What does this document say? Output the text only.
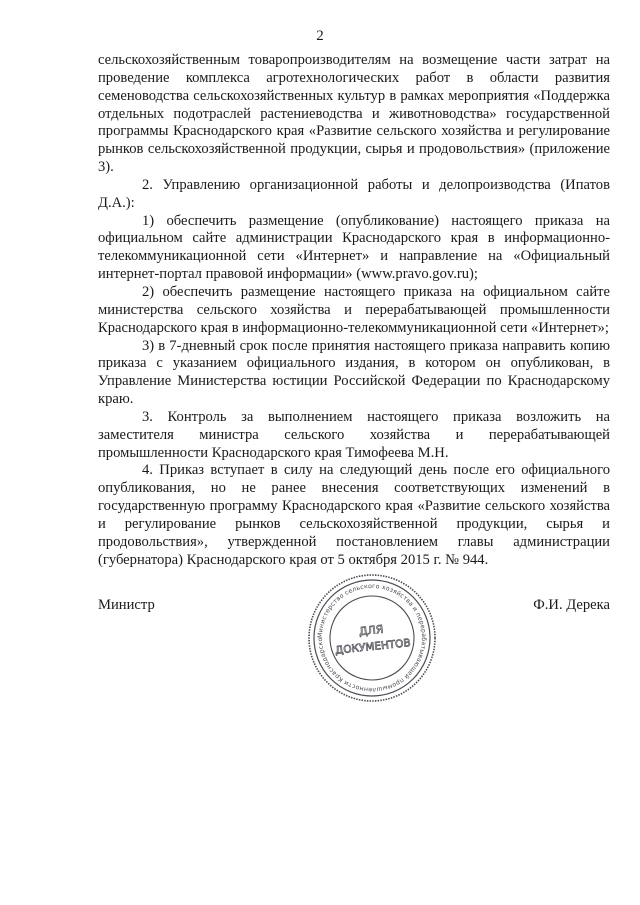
2

сельскохозяйственным товаропроизводителям на возмещение части затрат на проведение комплекса агротехнологических работ в области развития семеноводства сельскохозяйственных культур в рамках мероприятия «Поддержка отдельных подотраслей растениеводства и животноводства» государственной программы Краснодарского края «Развитие сельского хозяйства и регулирование рынков сельскохозяйственной продукции, сырья и продовольствия» (приложение 3).

2. Управлению организационной работы и делопроизводства (Ипатов Д.А.):

1) обеспечить размещение (опубликование) настоящего приказа на официальном сайте администрации Краснодарского края в информационно-телекоммуникационной сети «Интернет» и направление на «Официальный интернет-портал правовой информации» (www.pravo.gov.ru);

2) обеспечить размещение настоящего приказа на официальном сайте министерства сельского хозяйства и перерабатывающей промышленности Краснодарского края в информационно-телекоммуникационной сети «Интернет»;

3) в 7-дневный срок после принятия настоящего приказа направить копию приказа с указанием официального издания, в котором он опубликован, в Управление Министерства юстиции Российской Федерации по Краснодарскому краю.

3. Контроль за выполнением настоящего приказа возложить на заместителя министра сельского хозяйства и перерабатывающей промышленности Краснодарского края Тимофеева М.Н.

4. Приказ вступает в силу на следующий день после его официального опубликования, но не ранее внесения соответствующих изменений в государственную программу Краснодарского края «Развитие сельского хозяйства и регулирование рынков сельскохозяйственной продукции, сырья и продовольствия», утвержденной постановлением главы администрации (губернатора) Краснодарского края от 5 октября 2015 г. № 944.

Министр	Ф.И. Дерека
Министерство сельского хозяйства и перерабатывающей промышленности Краснодарско
ДЛЯ
ДОКУМЕНТОВ
